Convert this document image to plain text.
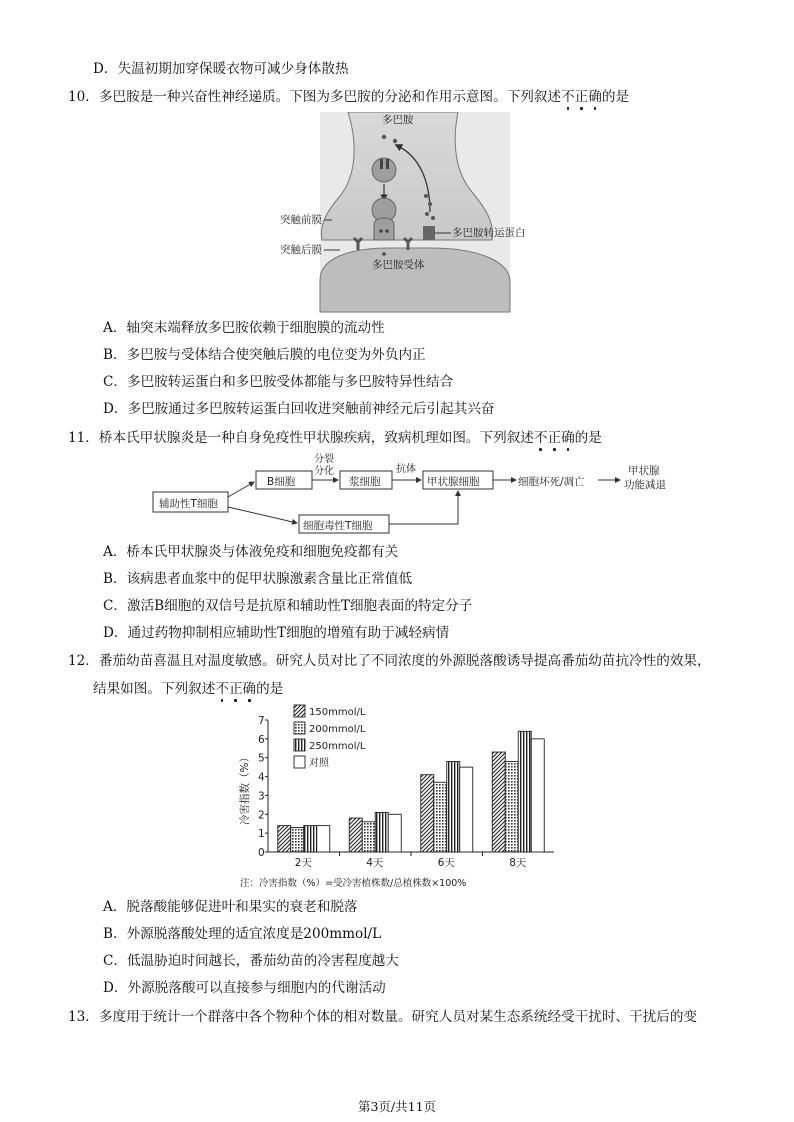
D．失温初期加穿保暖衣物可减少身体散热
10．多巴胺是一种兴奋性神经递质。下图为多巴胺的分泌和作用示意图。下列叙述不正确的是
多巴胺
多巴胺转运蛋白
突触前膜
突触后膜
多巴胺受体
A．轴突末端释放多巴胺依赖于细胞膜的流动性
B．多巴胺与受体结合使突触后膜的电位变为外负内正
C．多巴胺转运蛋白和多巴胺受体都能与多巴胺特异性结合
D．多巴胺通过多巴胺转运蛋白回收进突触前神经元后引起其兴奋
11．桥本氏甲状腺炎是一种自身免疫性甲状腺疾病，致病机理如图。下列叙述不正确的是
辅助性T细胞
B细胞
分裂
分化
浆细胞
抗体
甲状腺细胞	细胞坏死/凋亡
甲状腺
功能减退
细胞毒性T细胞
A．桥本氏甲状腺炎与体液免疫和细胞免疫都有关
B．该病患者血浆中的促甲状腺激素含量比正常值低
C．激活B细胞的双信号是抗原和辅助性T细胞表面的特定分子
D．通过药物抑制相应辅助性T细胞的增殖有助于减轻病情
12．番茄幼苗喜温且对温度敏感。研究人员对比了不同浓度的外源脱落酸诱导提高番茄幼苗抗冷性的效果，
结果如图。下列叙述不正确的是
0
1
2
3
4
5
6
7
2天	4天	6天	8天
150mmol/L
200mmol/L
250mmol/L
对照
冷害指数（%）
注：冷害指数（%）=受冷害植株数/总植株数×100%
A．脱落酸能够促进叶和果实的衰老和脱落
B．外源脱落酸处理的适宜浓度是200mmol/L
C．低温胁迫时间越长，番茄幼苗的冷害程度越大
D．外源脱落酸可以直接参与细胞内的代谢活动
13．多度用于统计一个群落中各个物种个体的相对数量。研究人员对某生态系统经受干扰时、干扰后的变
第3页/共11页
